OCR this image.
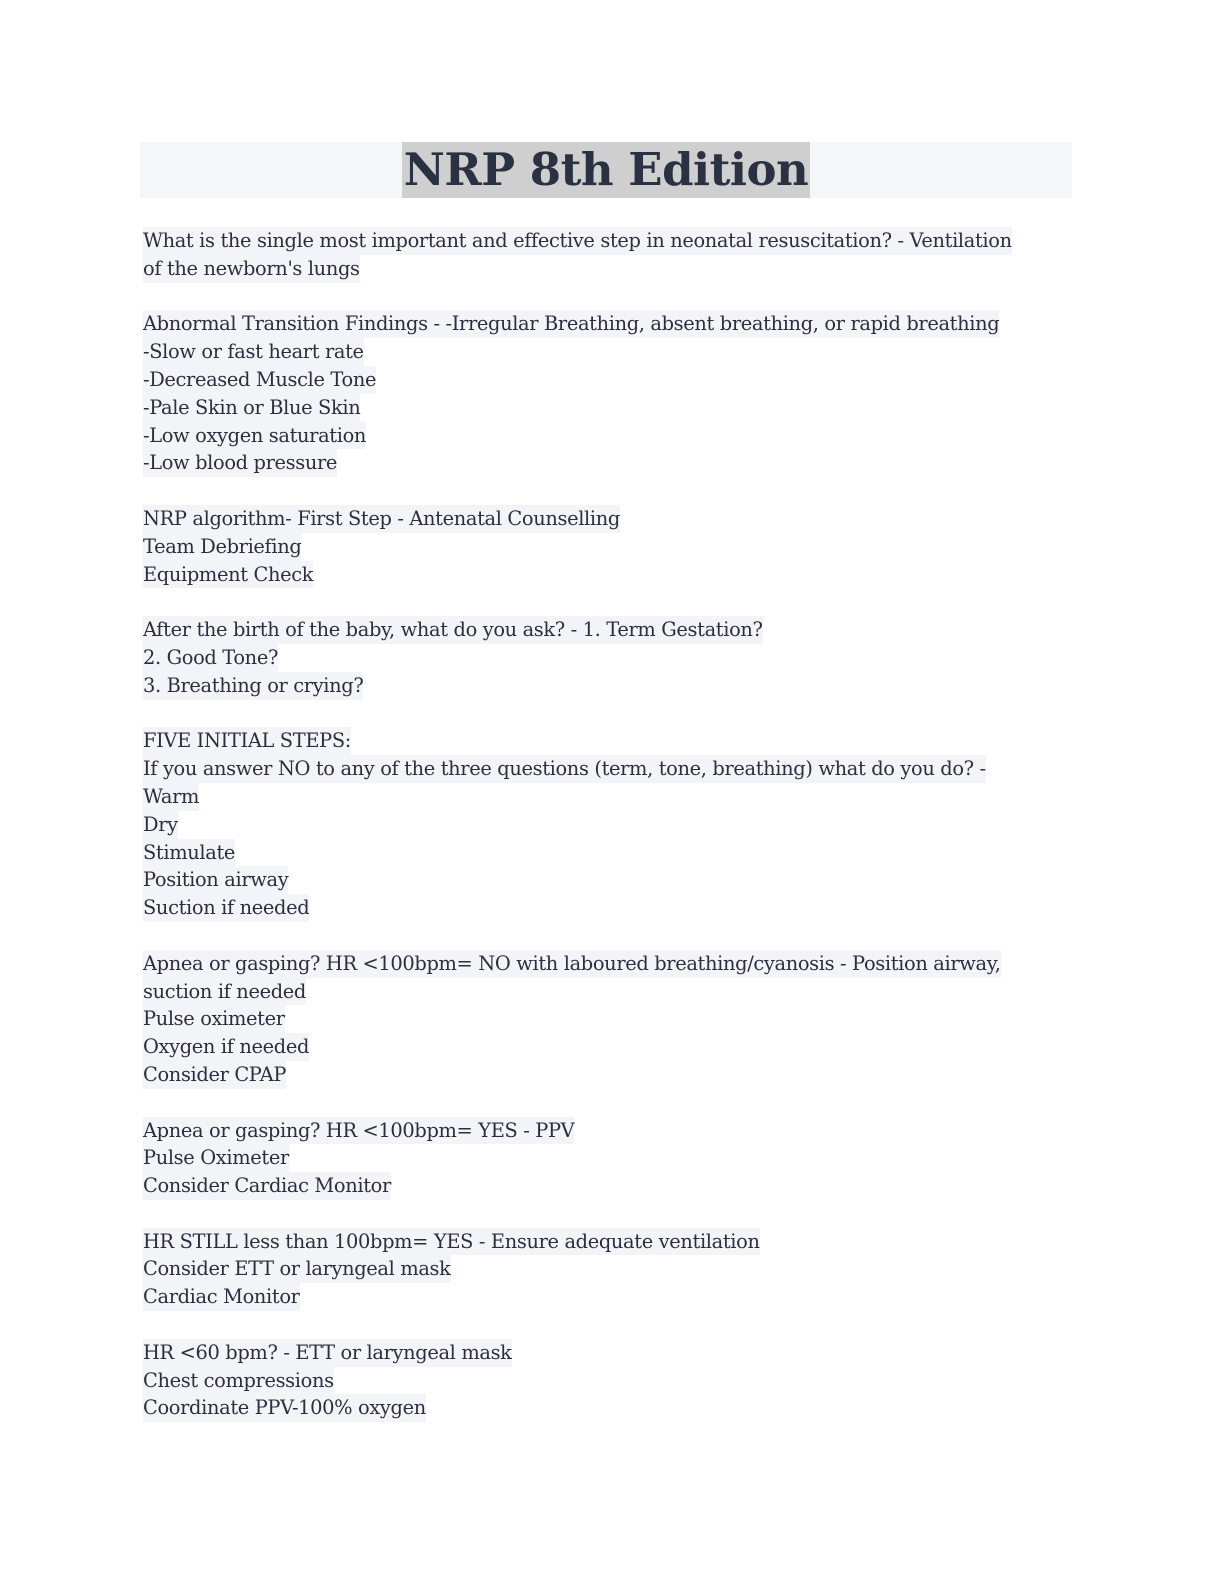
NRP 8th Edition
What is the single most important and effective step in neonatal resuscitation? - Ventilation
of the newborn's lungs
Abnormal Transition Findings - -Irregular Breathing, absent breathing, or rapid breathing
-Slow or fast heart rate
-Decreased Muscle Tone
-Pale Skin or Blue Skin
-Low oxygen saturation
-Low blood pressure
NRP algorithm- First Step - Antenatal Counselling
Team Debriefing
Equipment Check
After the birth of the baby, what do you ask? - 1. Term Gestation?
2. Good Tone?
3. Breathing or crying?
FIVE INITIAL STEPS:
If you answer NO to any of the three questions (term, tone, breathing) what do you do? -
Warm
Dry
Stimulate
Position airway
Suction if needed
Apnea or gasping? HR <100bpm= NO with laboured breathing/cyanosis - Position airway,
suction if needed
Pulse oximeter
Oxygen if needed
Consider CPAP
Apnea or gasping? HR <100bpm= YES - PPV
Pulse Oximeter
Consider Cardiac Monitor
HR STILL less than 100bpm= YES - Ensure adequate ventilation
Consider ETT or laryngeal mask
Cardiac Monitor
HR <60 bpm? - ETT or laryngeal mask
Chest compressions
Coordinate PPV-100% oxygen
